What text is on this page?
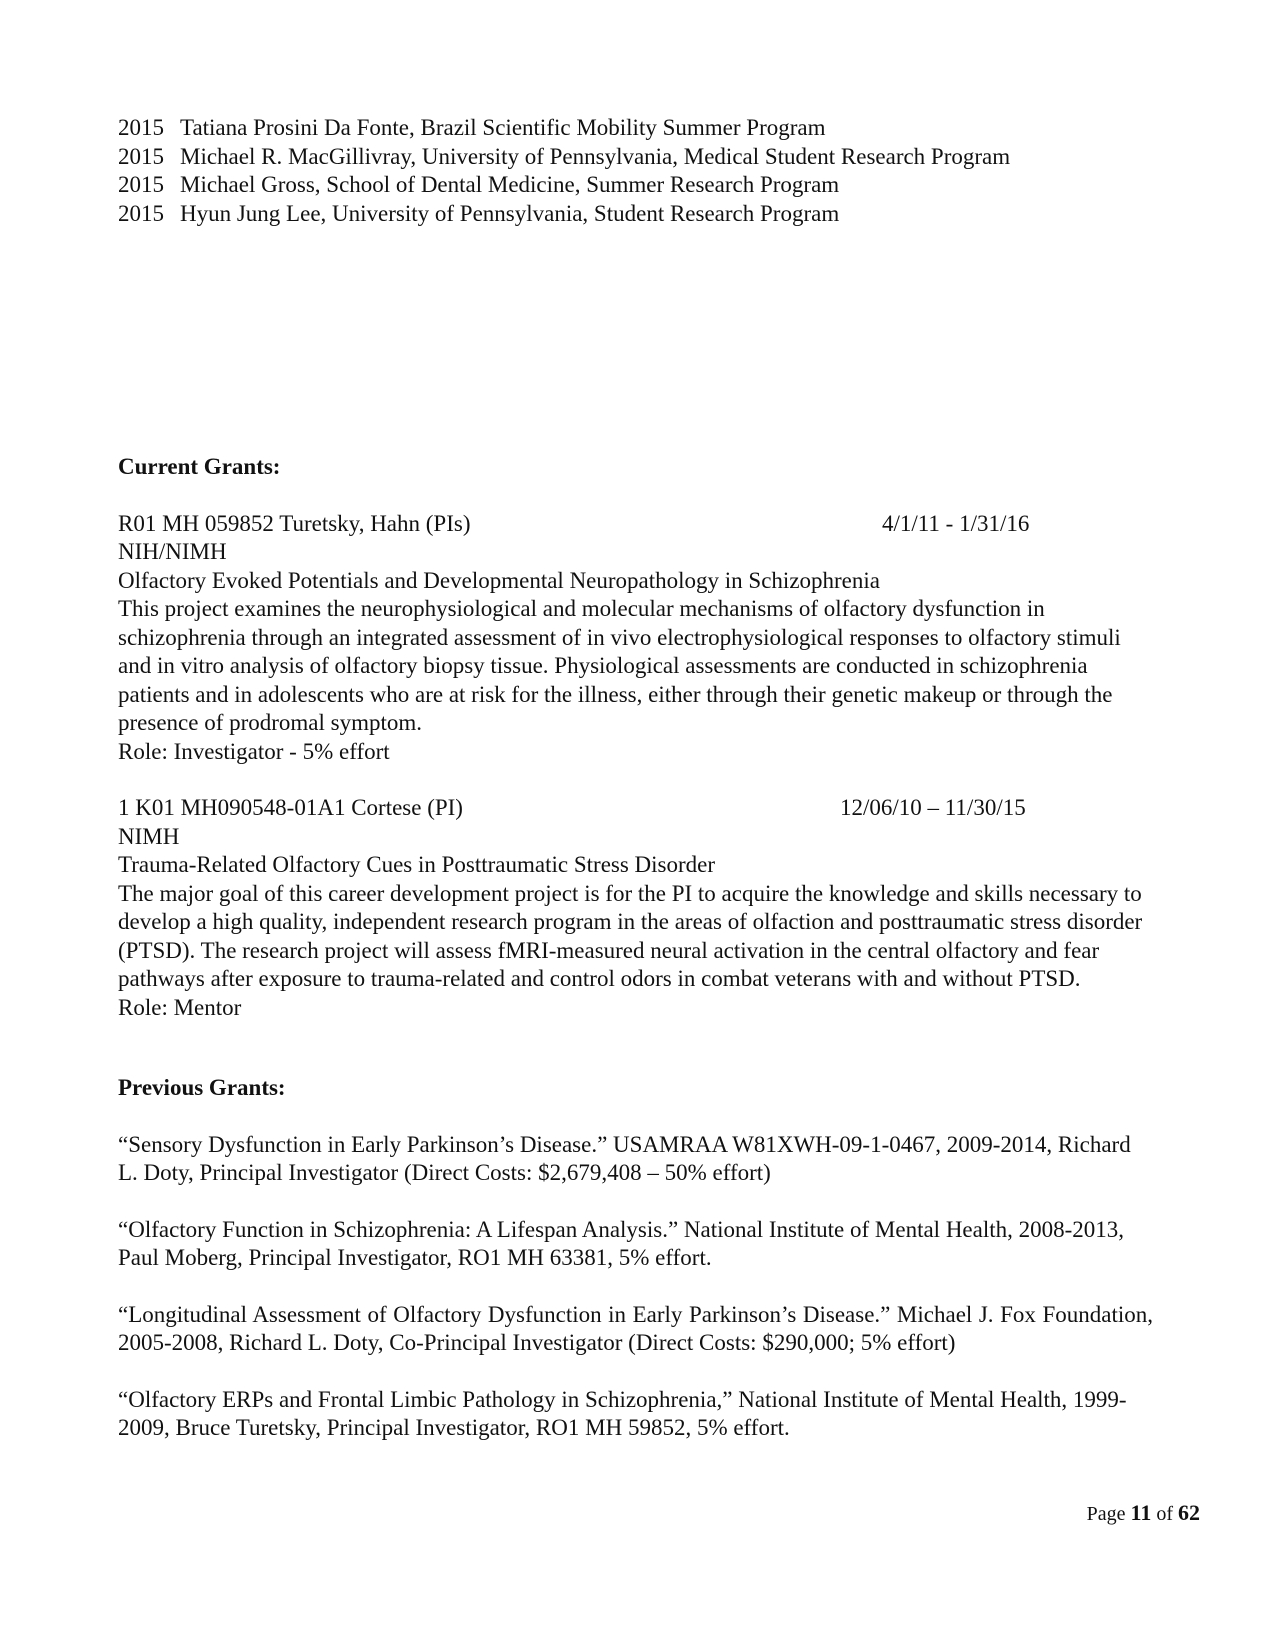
2015 Tatiana Prosini Da Fonte, Brazil Scientific Mobility Summer Program
2015 Michael R. MacGillivray, University of Pennsylvania, Medical Student Research Program
2015 Michael Gross, School of Dental Medicine, Summer Research Program
2015 Hyun Jung Lee, University of Pennsylvania, Student Research Program
Current Grants:
R01 MH 059852 Turetsky, Hahn (PIs)	4/1/11 - 1/31/16
NIH/NIMH
Olfactory Evoked Potentials and Developmental Neuropathology in Schizophrenia
This project examines the neurophysiological and molecular mechanisms of olfactory dysfunction in schizophrenia through an integrated assessment of in vivo electrophysiological responses to olfactory stimuli and in vitro analysis of olfactory biopsy tissue. Physiological assessments are conducted in schizophrenia patients and in adolescents who are at risk for the illness, either through their genetic makeup or through the presence of prodromal symptom.
Role: Investigator - 5% effort
1 K01 MH090548-01A1 Cortese (PI)	12/06/10 – 11/30/15
NIMH
Trauma-Related Olfactory Cues in Posttraumatic Stress Disorder
The major goal of this career development project is for the PI to acquire the knowledge and skills necessary to develop a high quality, independent research program in the areas of olfaction and posttraumatic stress disorder (PTSD). The research project will assess fMRI-measured neural activation in the central olfactory and fear pathways after exposure to trauma-related and control odors in combat veterans with and without PTSD.
Role: Mentor
Previous Grants:
“Sensory Dysfunction in Early Parkinson’s Disease.” USAMRAA W81XWH-09-1-0467, 2009-2014, Richard L. Doty, Principal Investigator (Direct Costs: $2,679,408 – 50% effort)
“Olfactory Function in Schizophrenia: A Lifespan Analysis.” National Institute of Mental Health, 2008-2013, Paul Moberg, Principal Investigator, RO1 MH 63381, 5% effort.
“Longitudinal Assessment of Olfactory Dysfunction in Early Parkinson’s Disease.” Michael J. Fox Foundation, 2005-2008, Richard L. Doty, Co-Principal Investigator (Direct Costs: $290,000; 5% effort)
“Olfactory ERPs and Frontal Limbic Pathology in Schizophrenia,” National Institute of Mental Health, 1999-2009, Bruce Turetsky, Principal Investigator, RO1 MH 59852, 5% effort.
Page 11 of 62
